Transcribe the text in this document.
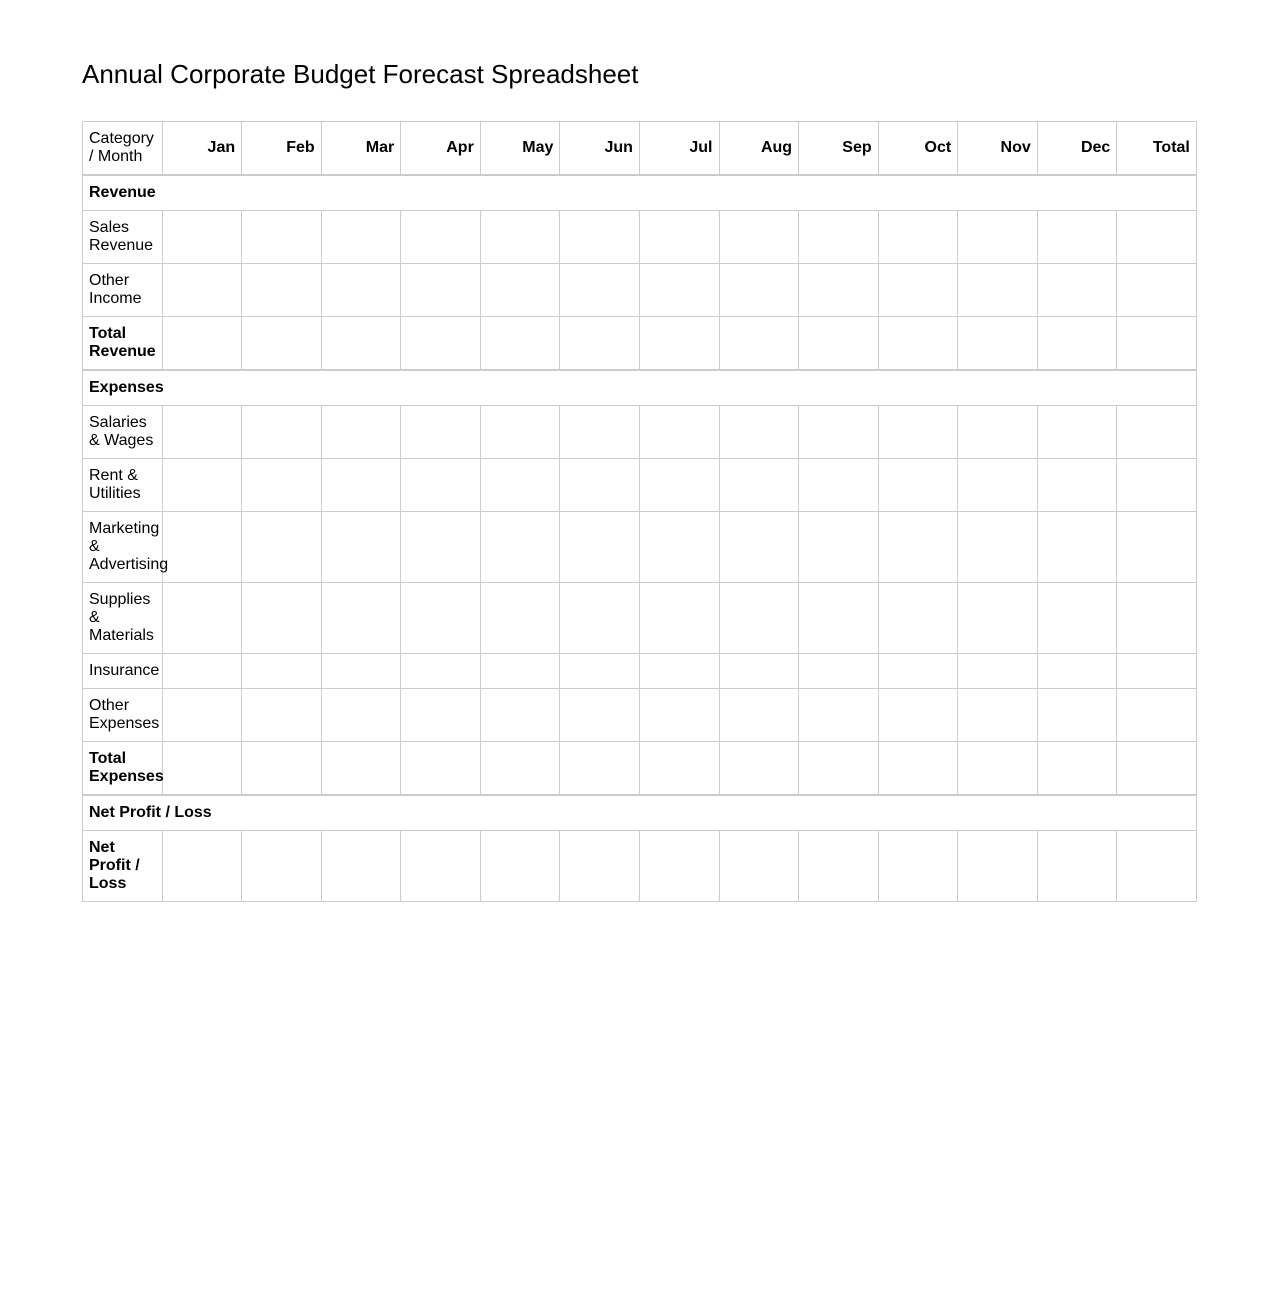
Annual Corporate Budget Forecast Spreadsheet
Category / Month	Jan	Feb	Mar	Apr	May	Jun	Jul	Aug	Sep	Oct	Nov	Dec	Total
Revenue													

Sales Revenue													

Other Income													

Total Revenue													

Expenses													

Salaries & Wages													

Rent & Utilities													

Marketing & Advertising													

Supplies & Materials													

Insurance													

Other Expenses													

Total Expenses													

Net Profit / Loss													

Net Profit / Loss													
